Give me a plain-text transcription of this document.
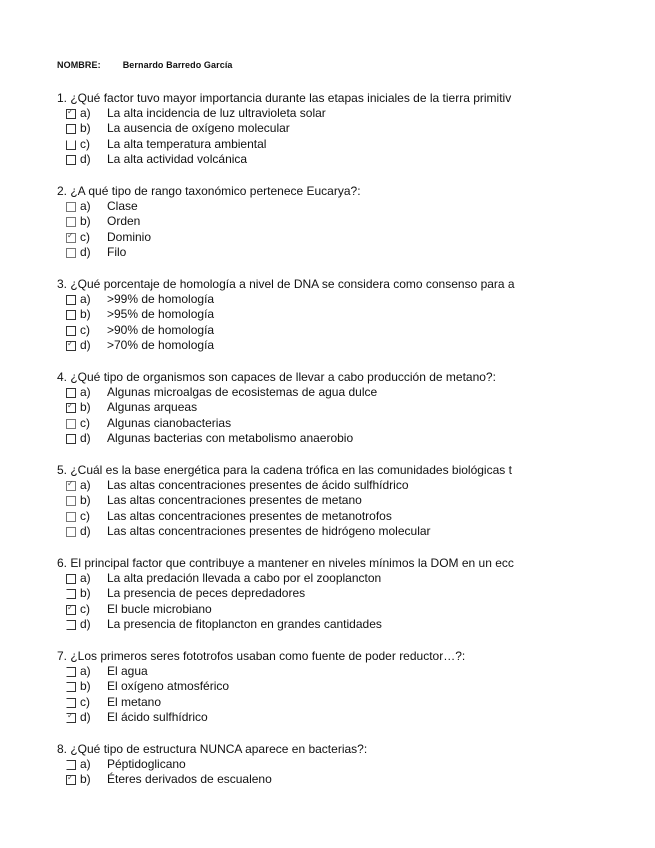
NOMBRE: Bernardo Barredo García
1. ¿Qué factor tuvo mayor importancia durante las etapas iniciales de la tierra primitiv
✓
a) La alta incidencia de luz ultravioleta solar
b) La ausencia de oxígeno molecular
c) La alta temperatura ambiental
d) La alta actividad volcánica
2. ¿A qué tipo de rango taxonómico pertenece Eucarya?:
a) Clase
b) Orden
✓
c) Dominio
d) Filo
3. ¿Qué porcentaje de homología a nivel de DNA se considera como consenso para a
a) >99% de homología
b) >95% de homología
c) >90% de homología
✓
d) >70% de homología
4. ¿Qué tipo de organismos son capaces de llevar a cabo producción de metano?:
a) Algunas microalgas de ecosistemas de agua dulce
✓
b) Algunas arqueas
c) Algunas cianobacterias
d) Algunas bacterias con metabolismo anaerobio
5. ¿Cuál es la base energética para la cadena trófica en las comunidades biológicas t
✓
a) Las altas concentraciones presentes de ácido sulfhídrico
b) Las altas concentraciones presentes de metano
c) Las altas concentraciones presentes de metanotrofos
d) Las altas concentraciones presentes de hidrógeno molecular
6. El principal factor que contribuye a mantener en niveles mínimos la DOM en un ecc
a) La alta predación llevada a cabo por el zooplancton
b) La presencia de peces depredadores
✓
c) El bucle microbiano
d) La presencia de fitoplancton en grandes cantidades
7. ¿Los primeros seres fototrofos usaban como fuente de poder reductor…?:
a) El agua
b) El oxígeno atmosférico
c) El metano
✓
d) El ácido sulfhídrico
8. ¿Qué tipo de estructura NUNCA aparece en bacterias?:
a) Péptidoglicano
✓
b) Éteres derivados de escualeno
